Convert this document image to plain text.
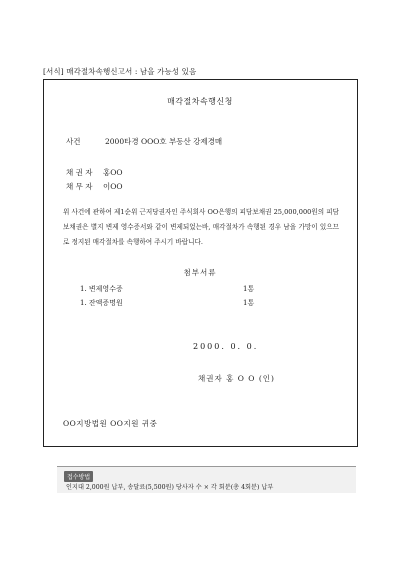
[서식] 매각절차속행신고서 : 남을 가능성 있음
매각절차속행신청
사건	2000타경 OOO호 부동산 강제경매
채 권 자	홍OO
채 무 자	이OO
위 사건에 관하여 제1순위 근저당권자인 주식회사 OO은행의 피담보채권 25,000,000원의 피담보채권은 별지 변제 영수증서와 같이 변제되었는바, 매각절차가 속행된 경우 남을 가망이 있으므로 정지된 매각절차를 속행하여 주시기 바랍니다.
첨부서류
1. 변제영수증	1통
1. 잔액증명원	1통
2000. 0. 0.
채권자 홍 O O (인)
OO지방법원 OO지원 귀중
접수방법
인지대 2,000원 납부, 송달료(5,500원) 당사자 수 × 각 회분(총 4회분) 납부
